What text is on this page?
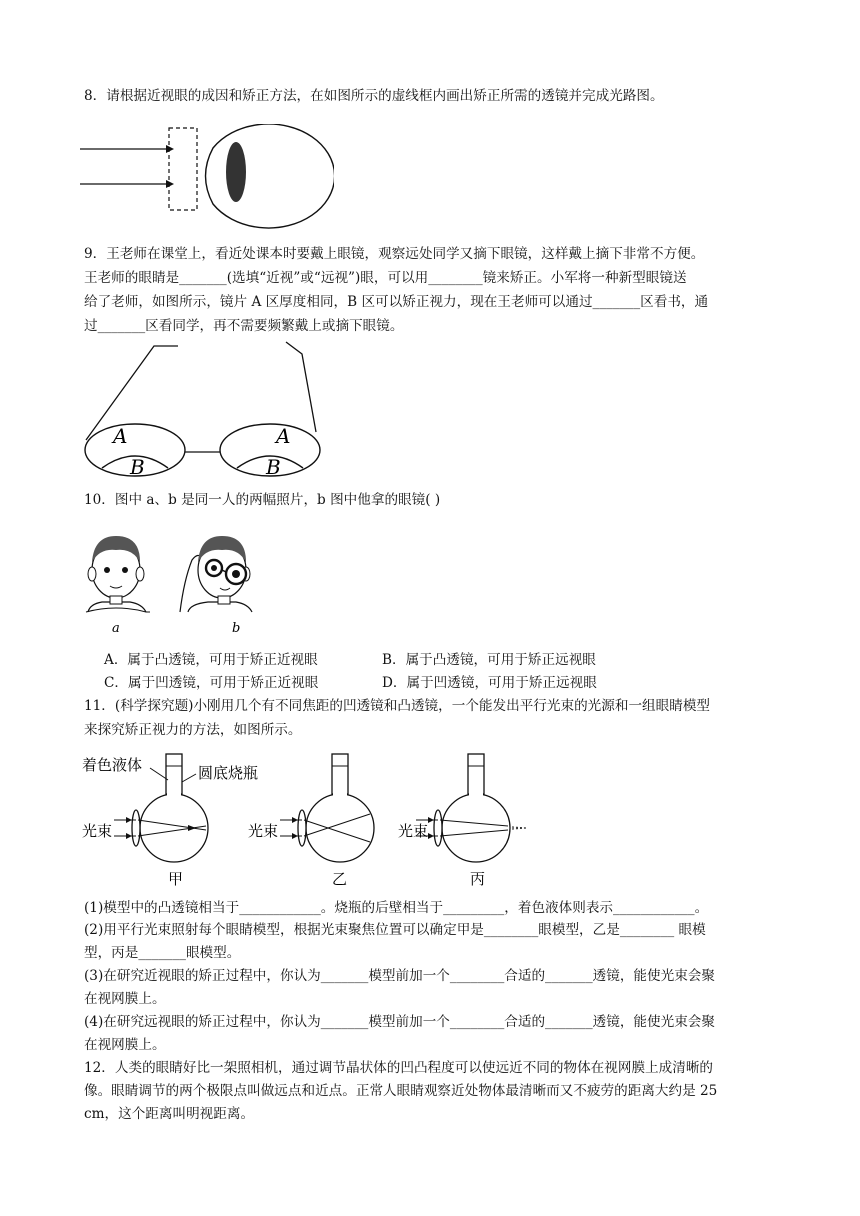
8．请根据近视眼的成因和矫正方法，在如图所示的虚线框内画出矫正所需的透镜并完成光路图。
9．王老师在课堂上，看近处课本时要戴上眼镜，观察远处同学又摘下眼镜，这样戴上摘下非常不方便。
王老师的眼睛是_______(选填“近视”或“远视”)眼，可以用________镜来矫正。小军将一种新型眼镜送
给了老师，如图所示，镜片 A 区厚度相同，B 区可以矫正视力，现在王老师可以通过_______区看书，通
过_______区看同学，再不需要频繁戴上或摘下眼镜。
A
B
A
B
10．图中 a、b 是同一人的两幅照片，b 图中他拿的眼镜( )
a	b
A．属于凸透镜，可用于矫正近视眼	B．属于凸透镜，可用于矫正远视眼
C．属于凹透镜，可用于矫正近视眼	D．属于凹透镜，可用于矫正远视眼
11．(科学探究题)小刚用几个有不同焦距的凹透镜和凸透镜，一个能发出平行光束的光源和一组眼睛模型
来探究矫正视力的方法，如图所示。
着色液体	圆底烧瓶
光束	光束	光束
甲	乙	丙
(1)模型中的凸透镜相当于____________。烧瓶的后壁相当于_________，着色液体则表示____________。
(2)用平行光束照射每个眼睛模型，根据光束聚焦位置可以确定甲是________眼模型，乙是________ 眼模
型，丙是_______眼模型。
(3)在研究近视眼的矫正过程中，你认为_______模型前加一个________合适的_______透镜，能使光束会聚
在视网膜上。
(4)在研究远视眼的矫正过程中，你认为_______模型前加一个________合适的_______透镜，能使光束会聚
在视网膜上。
12．人类的眼睛好比一架照相机，通过调节晶状体的凹凸程度可以使远近不同的物体在视网膜上成清晰的
像。眼睛调节的两个极限点叫做远点和近点。正常人眼睛观察近处物体最清晰而又不疲劳的距离大约是 25
cm，这个距离叫明视距离。
